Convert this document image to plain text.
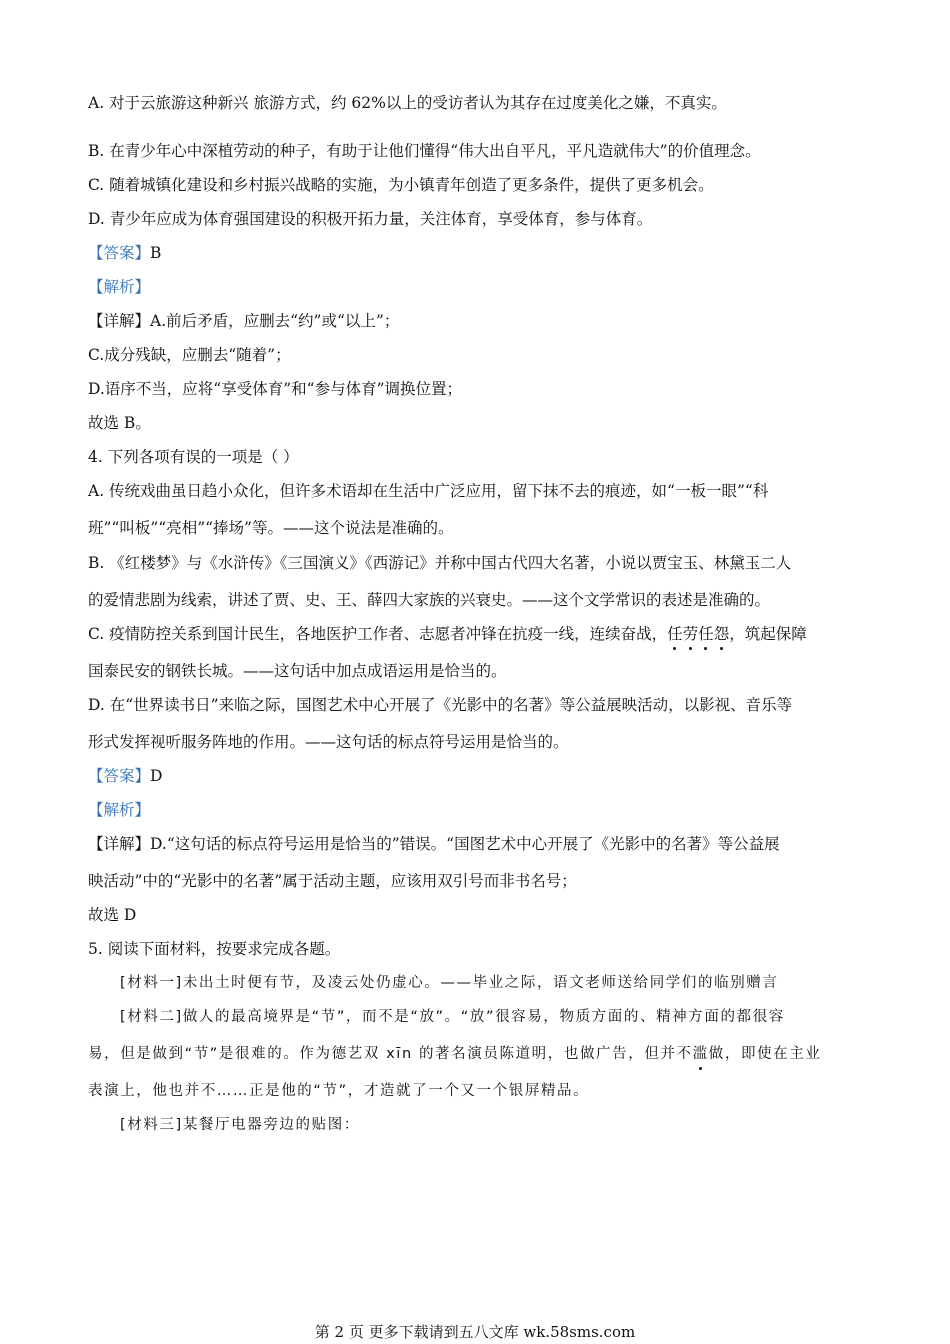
A. 对于云旅游这种新兴 旅游方式，约 62%以上的受访者认为其存在过度美化之嫌，不真实。
B. 在青少年心中深植劳动的种子，有助于让他们懂得“伟大出自平凡，平凡造就伟大”的价值理念。
C. 随着城镇化建设和乡村振兴战略的实施，为小镇青年创造了更多条件，提供了更多机会。
D. 青少年应成为体育强国建设的积极开拓力量，关注体育，享受体育，参与体育。
【答案】B
【解析】
【详解】A.前后矛盾，应删去“约”或“以上”；
C.成分残缺，应删去“随着”；
D.语序不当，应将“享受体育”和“参与体育”调换位置；
故选 B。
4. 下列各项有误的一项是（ ）
A. 传统戏曲虽日趋小众化，但许多术语却在生活中广泛应用，留下抹不去的痕迹，如“一板一眼”“科
班”“叫板”“亮相”“捧场”等。——这个说法是准确的。
B. 《红楼梦》与《水浒传》《三国演义》《西游记》并称中国古代四大名著，小说以贾宝玉、林黛玉二人
的爱情悲剧为线索，讲述了贾、史、王、薛四大家族的兴衰史。——这个文学常识的表述是准确的。
C. 疫情防控关系到国计民生，各地医护工作者、志愿者冲锋在抗疫一线，连续奋战，任劳任怨，筑起保障
国泰民安的钢铁长城。——这句话中加点成语运用是恰当的。
D. 在“世界读书日”来临之际，国图艺术中心开展了《光影中的名著》等公益展映活动，以影视、音乐等
形式发挥视听服务阵地的作用。——这句话的标点符号运用是恰当的。
【答案】D
【解析】
【详解】D.“这句话的标点符号运用是恰当的”错误。“国图艺术中心开展了《光影中的名著》等公益展
映活动”中的“光影中的名著”属于活动主题，应该用双引号而非书名号；
故选 D
5. 阅读下面材料，按要求完成各题。
[材料一]未出土时便有节，及凌云处仍虚心。——毕业之际，语文老师送给同学们的临别赠言
[材料二]做人的最高境界是“节”，而不是“放”。“放”很容易，物质方面的、精神方面的都很容
易，但是做到“节”是很难的。作为德艺双 xīn 的著名演员陈道明，也做广告，但并不滥做，即使在主业
表演上，他也并不……正是他的“节”，才造就了一个又一个银屏精品。
[材料三]某餐厅电器旁边的贴图：
第 2 页 更多下载请到五八文库 wk.58sms.com
